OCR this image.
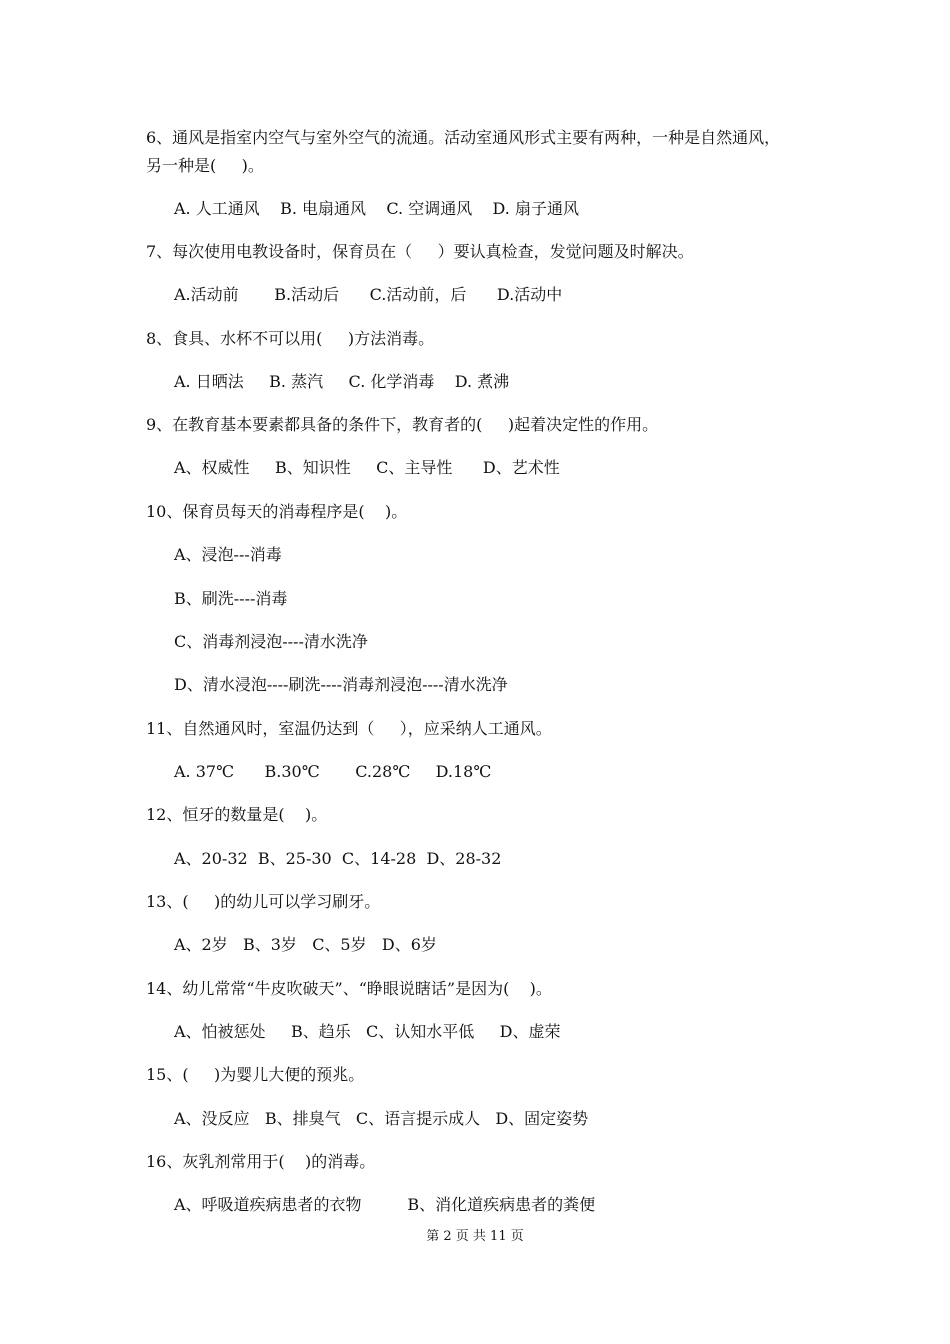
6、通风是指室内空气与室外空气的流通。活动室通风形式主要有两种，一种是自然通风，
另一种是(     )。
A. 人工通风    B. 电扇通风    C. 空调通风    D. 扇子通风
7、每次使用电教设备时，保育员在（     ）要认真检查，发觉问题及时解决。
A.活动前       B.活动后      C.活动前，后      D.活动中
8、食具、水杯不可以用(     )方法消毒。
A. 日晒法     B. 蒸汽     C. 化学消毒    D. 煮沸
9、在教育基本要素都具备的条件下，教育者的(     )起着决定性的作用。
A、权威性     B、知识性     C、主导性      D、艺术性
10、保育员每天的消毒程序是(    )。
A、浸泡---消毒
B、刷洗----消毒
C、消毒剂浸泡----清水洗净
D、清水浸泡----刷洗----消毒剂浸泡----清水洗净
11、自然通风时，室温仍达到（     ），应采纳人工通风。
A. 37℃      B.30℃       C.28℃     D.18℃
12、恒牙的数量是(    )。
A、20-32  B、25-30  C、14-28  D、28-32
13、(     )的幼儿可以学习刷牙。
A、2岁   B、3岁   C、5岁   D、6岁
14、幼儿常常“牛皮吹破天”、“睁眼说瞎话”是因为(    )。
A、怕被惩处     B、趋乐   C、认知水平低     D、虚荣
15、(     )为婴儿大便的预兆。
A、没反应   B、排臭气   C、语言提示成人   D、固定姿势
16、灰乳剂常用于(    )的消毒。
A、呼吸道疾病患者的衣物         B、消化道疾病患者的粪便
第 2 页 共 11 页
